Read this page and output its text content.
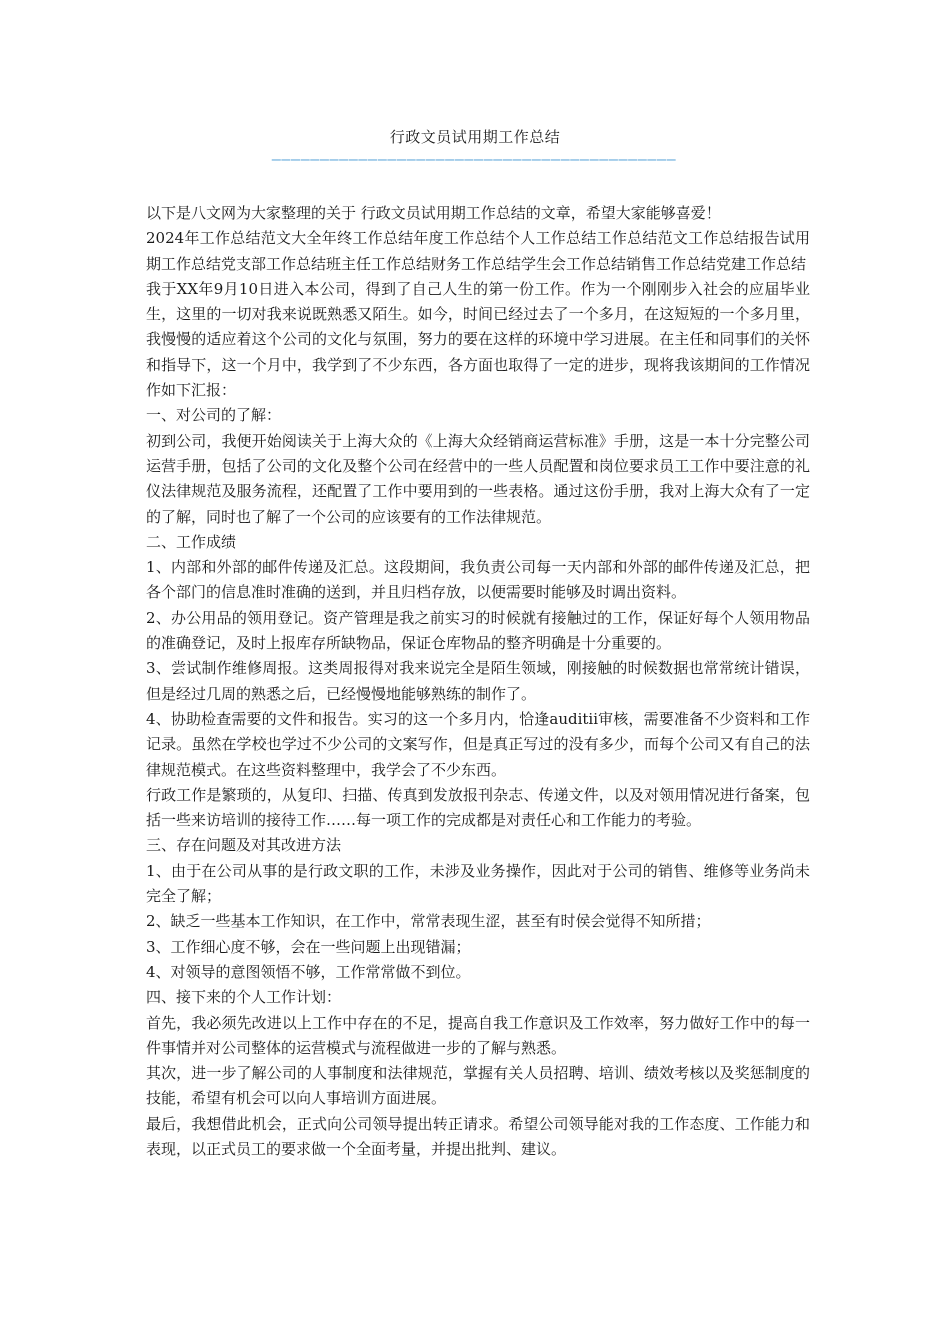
行政文员试用期工作总结
——————————————————————————————————————————

以下是八文网为大家整理的关于 行政文员试用期工作总结的文章，希望大家能够喜爱！

2024年工作总结范文大全年终工作总结年度工作总结个人工作总结工作总结范文工作总结报告试用期工作总结党支部工作总结班主任工作总结财务工作总结学生会工作总结销售工作总结党建工作总结

我于XX年9月10日进入本公司，得到了自己人生的第一份工作。作为一个刚刚步入社会的应届毕业生，这里的一切对我来说既熟悉又陌生。如今，时间已经过去了一个多月，在这短短的一个多月里，我慢慢的适应着这个公司的文化与氛围，努力的要在这样的环境中学习进展。在主任和同事们的关怀和指导下，这一个月中，我学到了不少东西，各方面也取得了一定的进步，现将我该期间的工作情况作如下汇报：

一、对公司的了解：

初到公司，我便开始阅读关于上海大众的《上海大众经销商运营标准》手册，这是一本十分完整公司运营手册，包括了公司的文化及整个公司在经营中的一些人员配置和岗位要求员工工作中要注意的礼仪法律规范及服务流程，还配置了工作中要用到的一些表格。通过这份手册，我对上海大众有了一定的了解，同时也了解了一个公司的应该要有的工作法律规范。

二、工作成绩

1、内部和外部的邮件传递及汇总。这段期间，我负责公司每一天内部和外部的邮件传递及汇总，把各个部门的信息准时准确的送到，并且归档存放，以便需要时能够及时调出资料。

2、办公用品的领用登记。资产管理是我之前实习的时候就有接触过的工作，保证好每个人领用物品的准确登记，及时上报库存所缺物品，保证仓库物品的整齐明确是十分重要的。

3、尝试制作维修周报。这类周报得对我来说完全是陌生领域，刚接触的时候数据也常常统计错误，但是经过几周的熟悉之后，已经慢慢地能够熟练的制作了。

4、协助检查需要的文件和报告。实习的这一个多月内，恰逢auditii审核，需要准备不少资料和工作记录。虽然在学校也学过不少公司的文案写作，但是真正写过的没有多少，而每个公司又有自己的法律规范模式。在这些资料整理中，我学会了不少东西。

行政工作是繁琐的，从复印、扫描、传真到发放报刊杂志、传递文件，以及对领用情况进行备案，包括一些来访培训的接待工作……每一项工作的完成都是对责任心和工作能力的考验。

三、存在问题及对其改进方法

1、由于在公司从事的是行政文职的工作，未涉及业务操作，因此对于公司的销售、维修等业务尚未完全了解；

2、缺乏一些基本工作知识，在工作中，常常表现生涩，甚至有时侯会觉得不知所措；

3、工作细心度不够，会在一些问题上出现错漏；

4、对领导的意图领悟不够，工作常常做不到位。

四、接下来的个人工作计划：

首先，我必须先改进以上工作中存在的不足，提高自我工作意识及工作效率，努力做好工作中的每一件事情并对公司整体的运营模式与流程做进一步的了解与熟悉。

其次，进一步了解公司的人事制度和法律规范，掌握有关人员招聘、培训、绩效考核以及奖惩制度的技能，希望有机会可以向人事培训方面进展。

最后，我想借此机会，正式向公司领导提出转正请求。希望公司领导能对我的工作态度、工作能力和表现，以正式员工的要求做一个全面考量，并提出批判、建议。
